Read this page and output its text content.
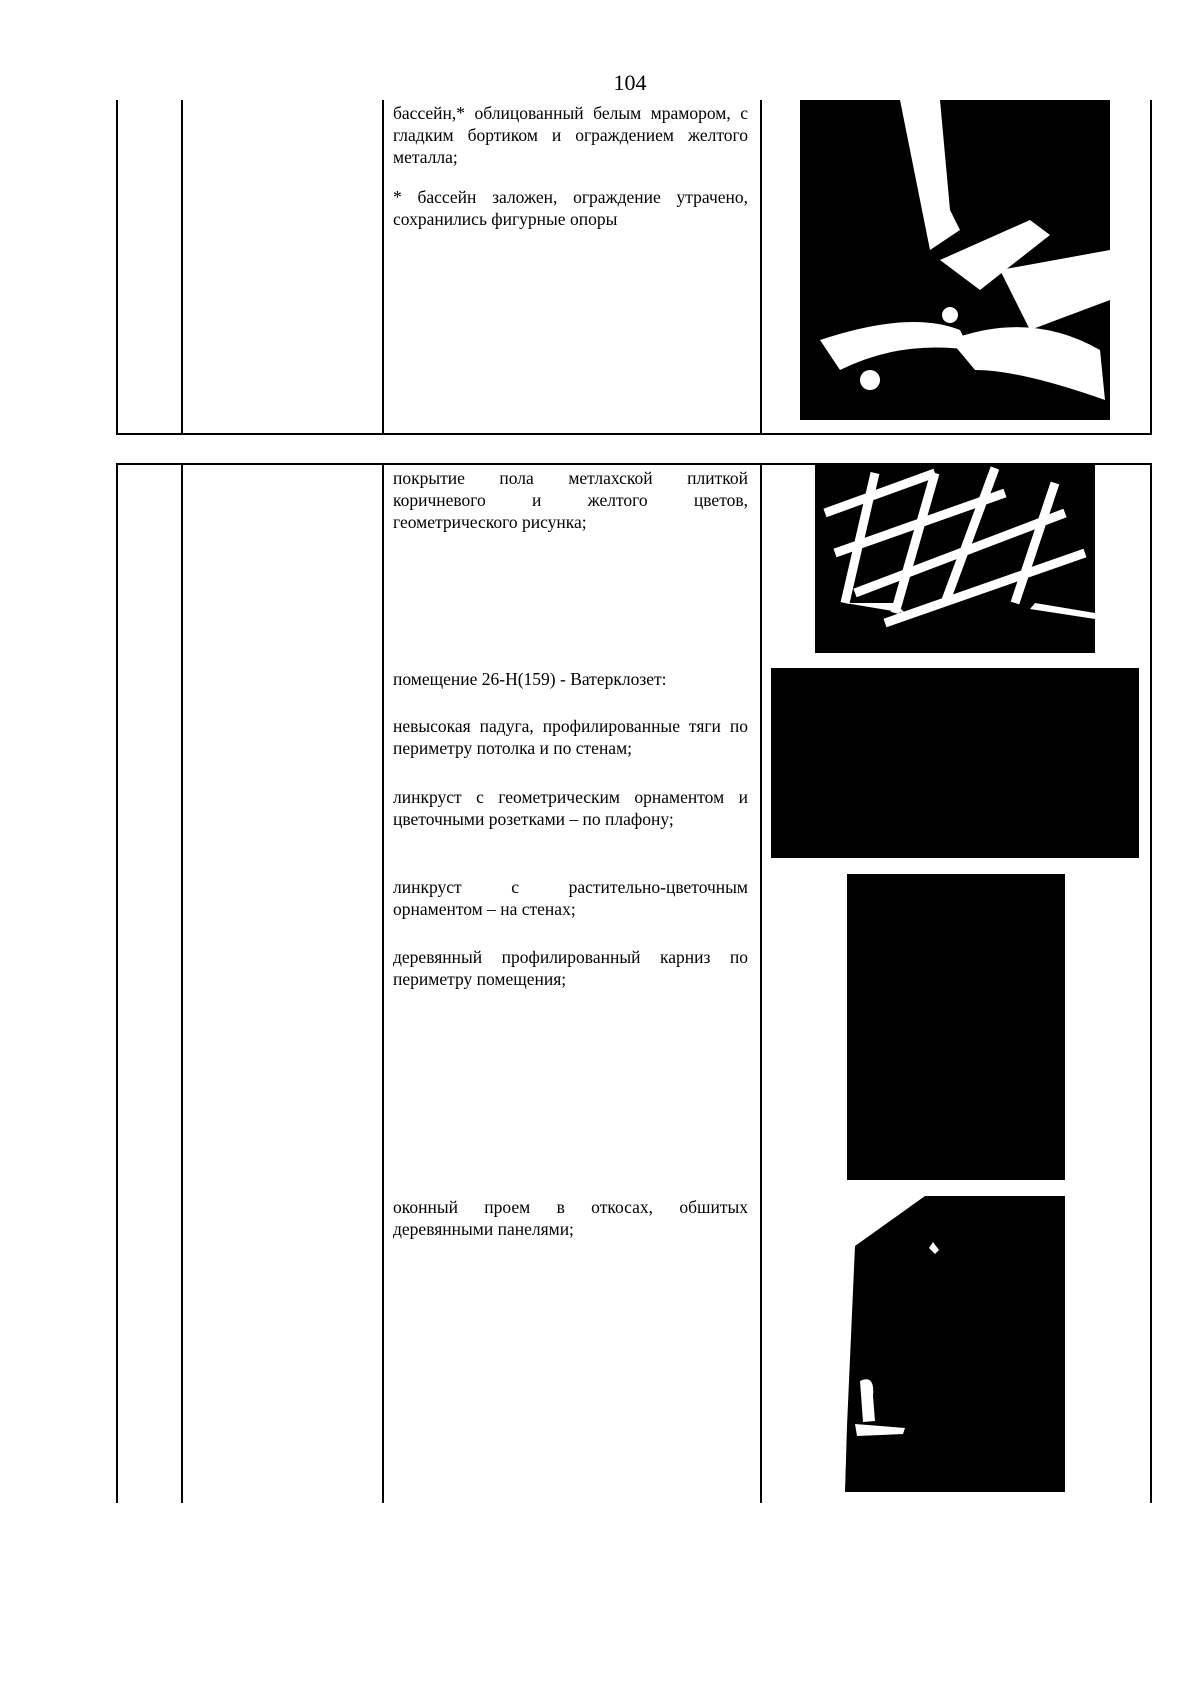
104

бассейн,* облицованный белым мрамором, с гладким бортиком и ограждением желтого металла;

* бассейн заложен, ограждение утрачено, сохранились фигурные опоры

покрытие пола метлахской плиткой коричневого и желтого цветов, геометрического рисунка;
помещение 26-Н(159) - Ватерклозет:
невысокая падуга, профилированные тяги по периметру потолка и по стенам;
линкруст с геометрическим орнаментом и цветочными розетками – по плафону;
линкруст с растительно-цветочным орнаментом – на стенах;
деревянный профилированный карниз по периметру помещения;
оконный проем в откосах, обшитых деревянными панелями;
